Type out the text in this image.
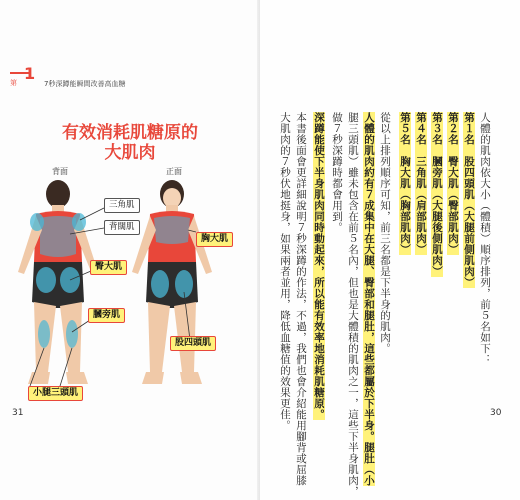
第 1
7秒深蹲能瞬間改善高血糖
有效消耗肌糖原的
大肌肉
背面	正面
三角肌
背闊肌
臀大肌
膕旁肌
小腿三頭肌
胸大肌
股四頭肌
31	30
人體的肌肉依大小（體積）順序排列，前５名如下：
第１名　股四頭肌（大腿前側肌肉）
第２名　臀大肌（臀部肌肉）
第３名　膕旁肌（大腿後側肌肉）
第４名　三角肌（肩部肌肉）
第５名　胸大肌（胸部肌肉）
從以上排列順序可知，前三名都是下半身的肌肉。
人體的肌肉約有７成集中在大腿、臀部和腿肚，這些都屬於下半身。腿肚（小
腿三頭肌）雖未包含在前５名內，但也是大體積的肌肉之一，這些下半身肌肉，
做７秒深蹲時都會用到。
深蹲能使下半身肌肉同時動起來，所以能有效率地消耗肌糖原。
本書後面會更詳細說明７秒深蹲的作法，不過，我們也會介紹能用腳背或屈膝
大肌肉的７秒伏地挺身，如果兩者並用，降低血糖值的效果更佳。
